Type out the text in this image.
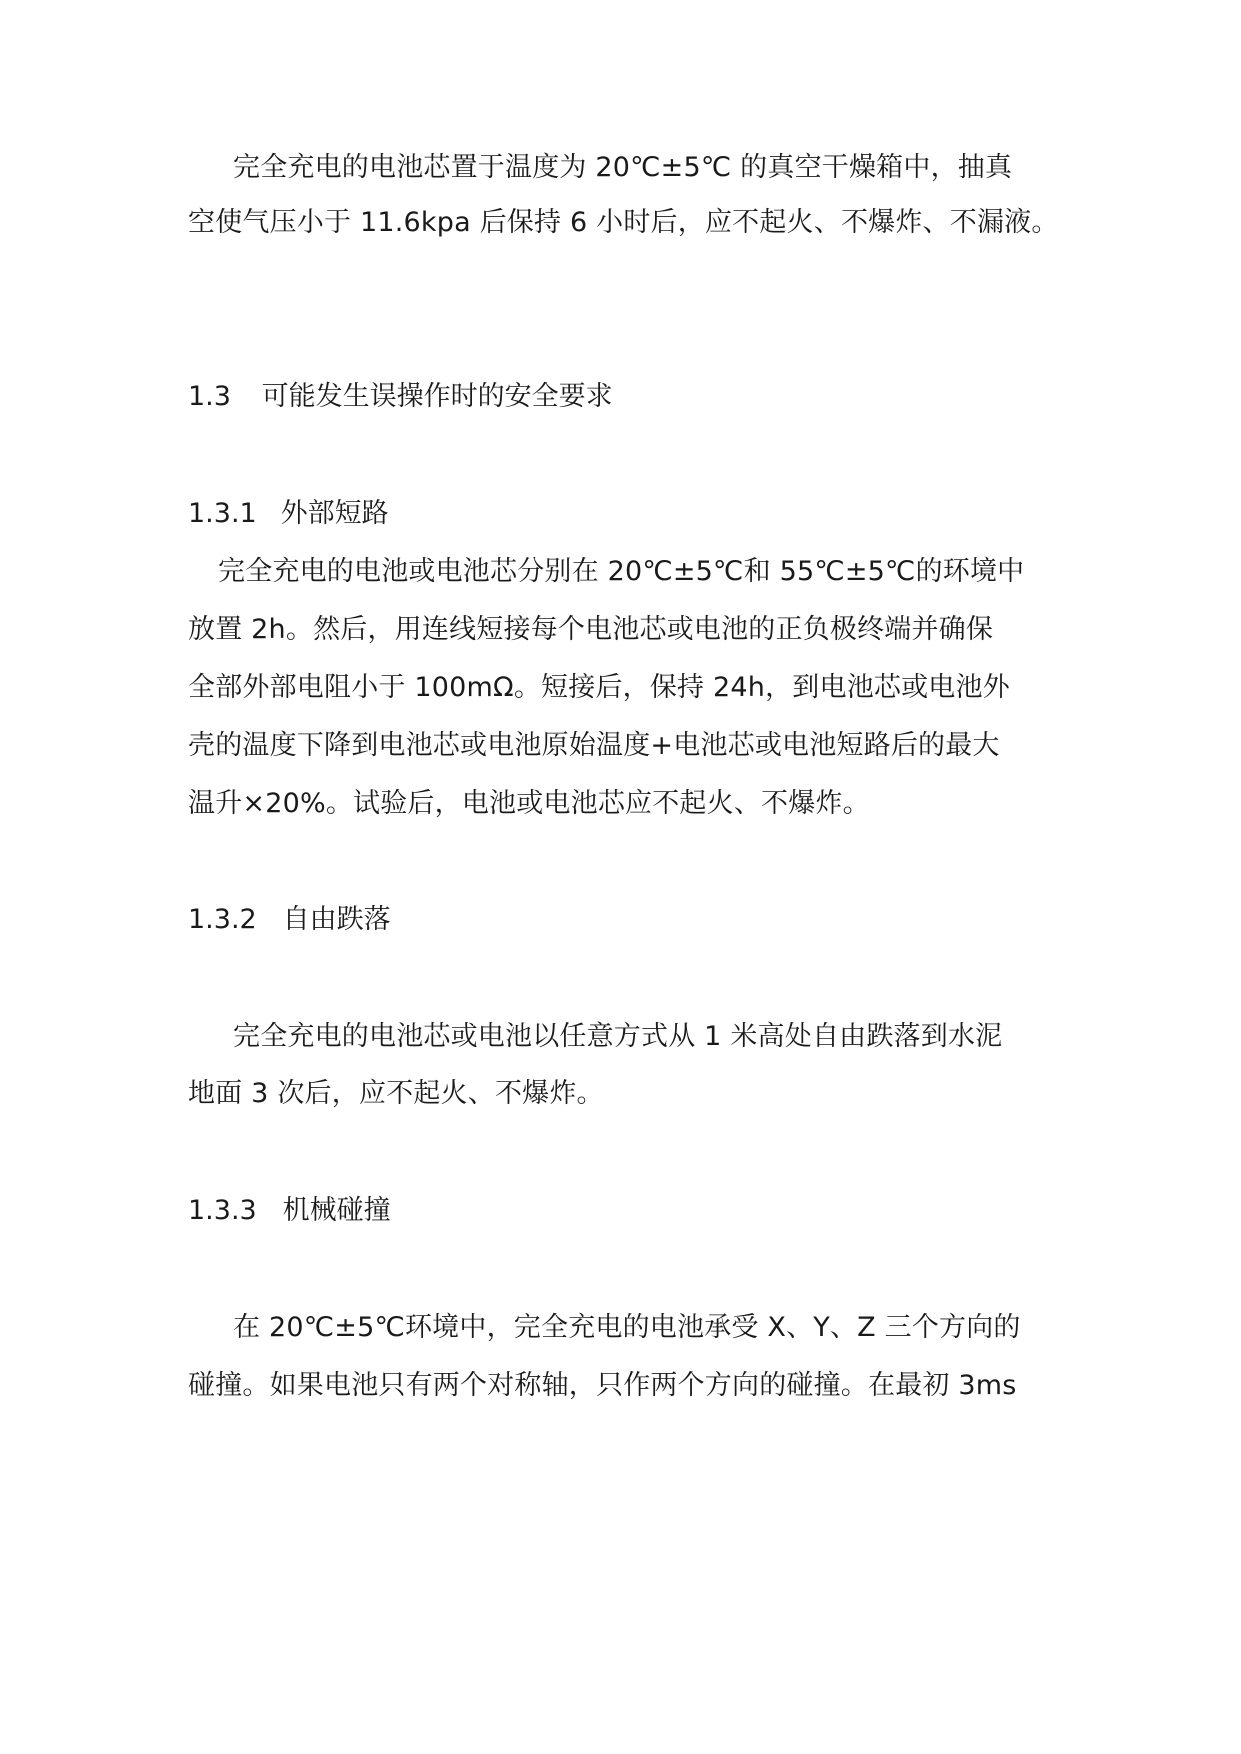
完全充电的电池芯置于温度为 20℃±5℃ 的真空干燥箱中，抽真
空使气压小于 11.6kpa 后保持 6 小时后，应不起火、不爆炸、不漏液。
1.3 可能发生误操作时的安全要求
1.3.1 外部短路
完全充电的电池或电池芯分别在 20℃±5℃和 55℃±5℃的环境中
放置 2h。然后，用连线短接每个电池芯或电池的正负极终端并确保
全部外部电阻小于 100mΩ。短接后，保持 24h，到电池芯或电池外
壳的温度下降到电池芯或电池原始温度+电池芯或电池短路后的最大
温升×20%。试验后，电池或电池芯应不起火、不爆炸。
1.3.2 自由跌落
完全充电的电池芯或电池以任意方式从 1 米高处自由跌落到水泥
地面 3 次后，应不起火、不爆炸。
1.3.3 机械碰撞
在 20℃±5℃环境中，完全充电的电池承受 X、Y、Z 三个方向的
碰撞。如果电池只有两个对称轴，只作两个方向的碰撞。在最初 3ms
